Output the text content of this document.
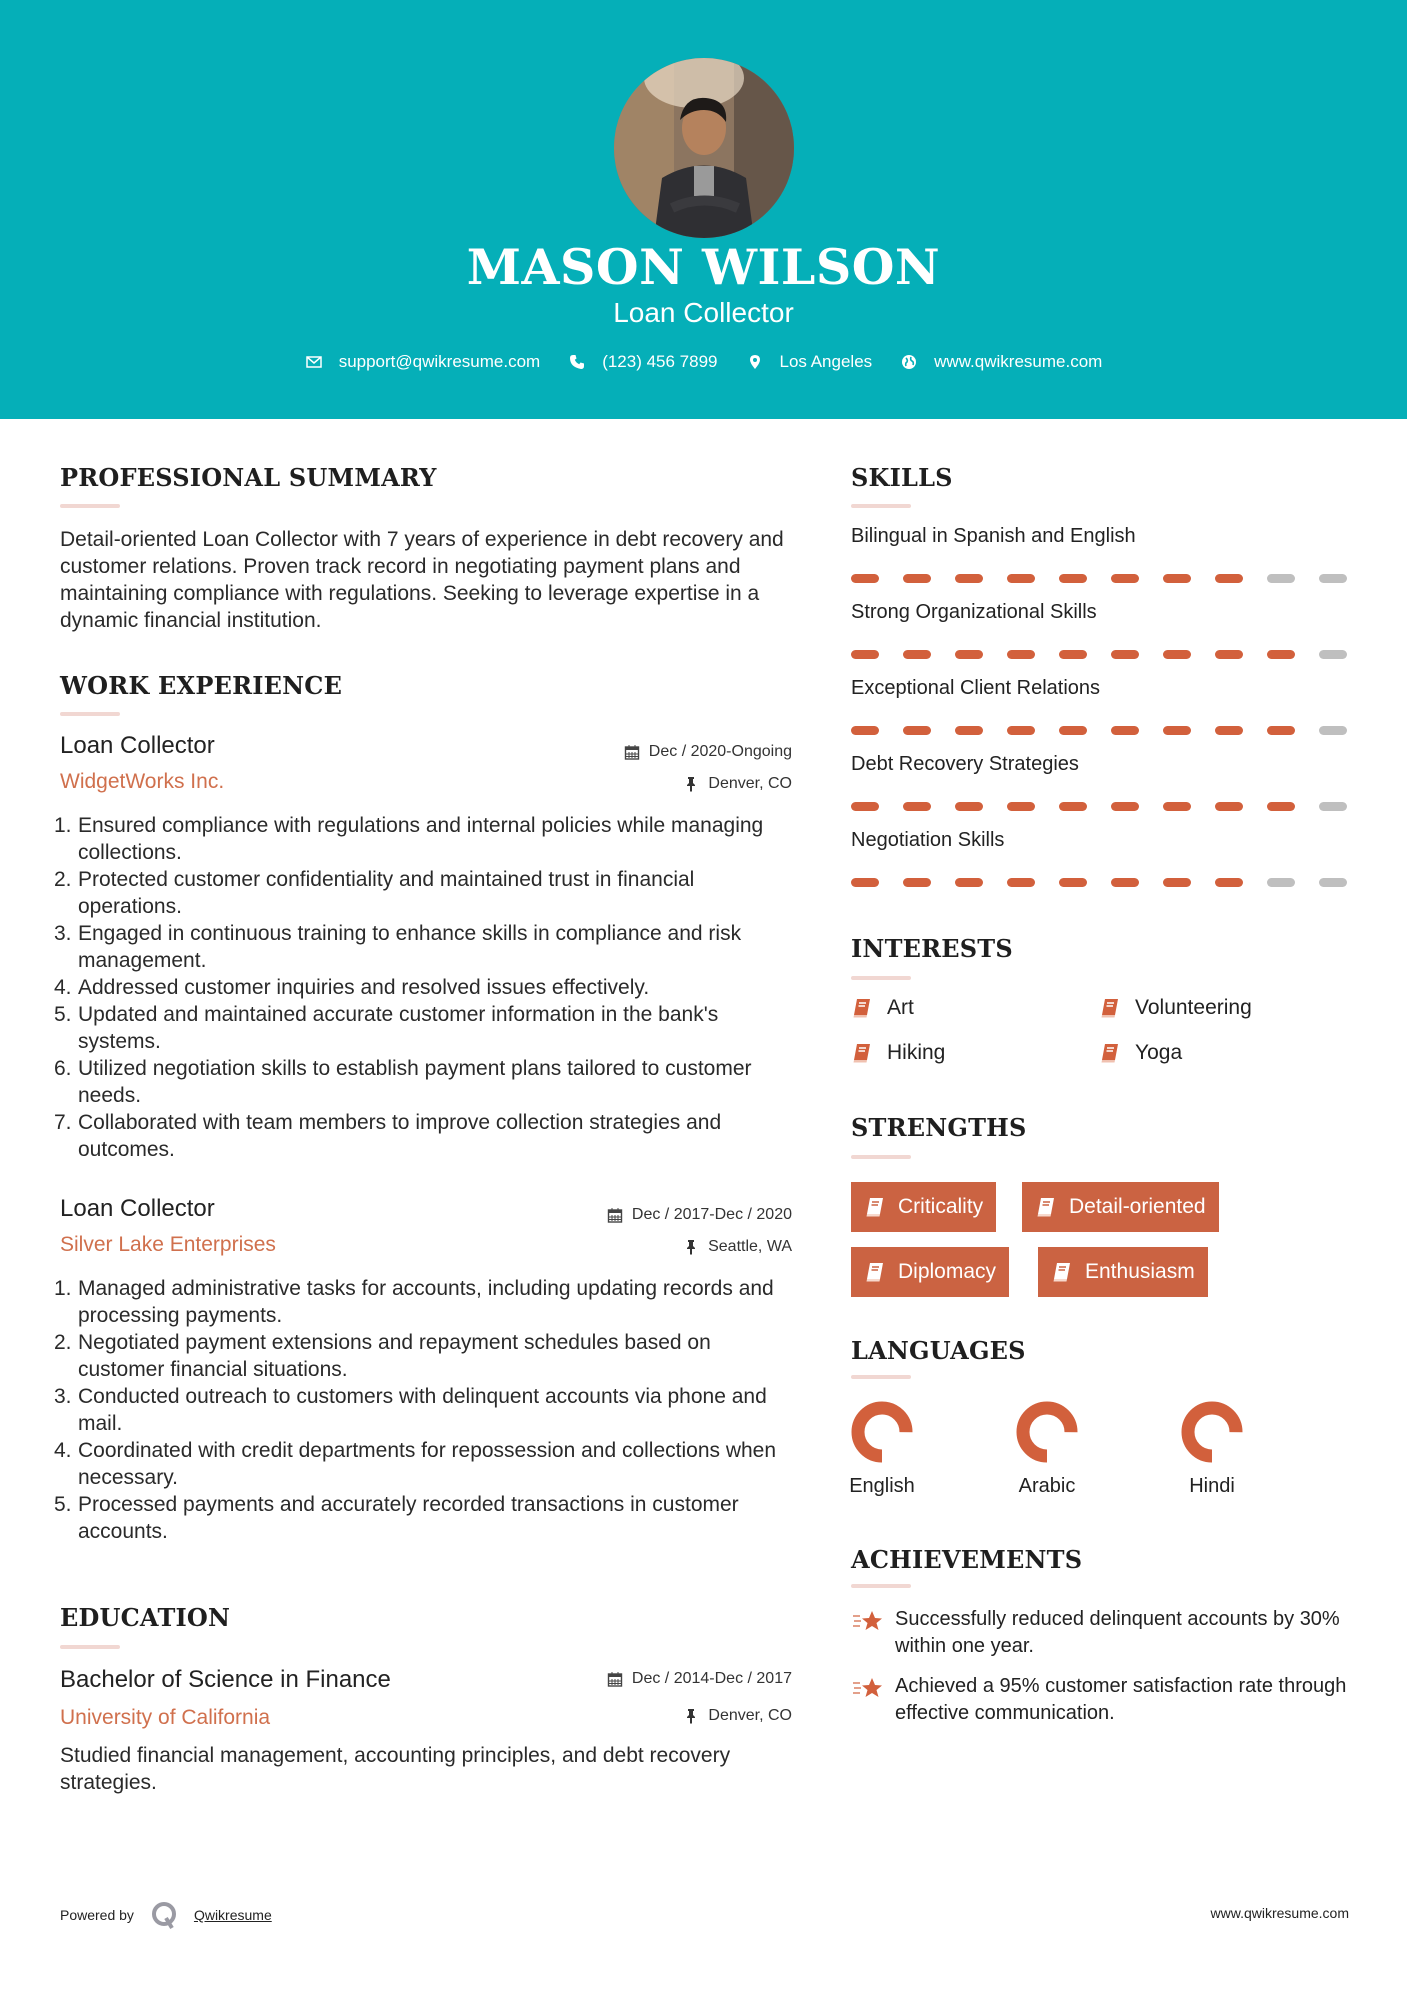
MASON WILSON
Loan Collector
support@qwikresume.com	(123) 456 7899	Los Angeles	www.qwikresume.com
PROFESSIONAL SUMMARY
Detail-oriented Loan Collector with 7 years of experience in debt recovery and customer relations. Proven track record in negotiating payment plans and maintaining compliance with regulations. Seeking to leverage expertise in a dynamic financial institution.
WORK EXPERIENCE
Loan Collector	Dec / 2020-Ongoing
WidgetWorks Inc.	Denver, CO
1. Ensured compliance with regulations and internal policies while managing collections.
2. Protected customer confidentiality and maintained trust in financial operations.
3. Engaged in continuous training to enhance skills in compliance and risk management.
4. Addressed customer inquiries and resolved issues effectively.
5. Updated and maintained accurate customer information in the bank's systems.
6. Utilized negotiation skills to establish payment plans tailored to customer needs.
7. Collaborated with team members to improve collection strategies and outcomes.
Loan Collector	Dec / 2017-Dec / 2020
Silver Lake Enterprises	Seattle, WA
1. Managed administrative tasks for accounts, including updating records and processing payments.
2. Negotiated payment extensions and repayment schedules based on customer financial situations.
3. Conducted outreach to customers with delinquent accounts via phone and mail.
4. Coordinated with credit departments for repossession and collections when necessary.
5. Processed payments and accurately recorded transactions in customer accounts.
EDUCATION
Bachelor of Science in Finance	Dec / 2014-Dec / 2017
University of California	Denver, CO
Studied financial management, accounting principles, and debt recovery strategies.
SKILLS
Bilingual in Spanish and English
Strong Organizational Skills
Exceptional Client Relations
Debt Recovery Strategies
Negotiation Skills
INTERESTS
Art	Volunteering
Hiking	Yoga
STRENGTHS
Criticality	Detail-oriented
Diplomacy	Enthusiasm
LANGUAGES
English	Arabic	Hindi
ACHIEVEMENTS
Successfully reduced delinquent accounts by 30% within one year.
Achieved a 95% customer satisfaction rate through effective communication.
Powered by	Qwikresume	www.qwikresume.com
